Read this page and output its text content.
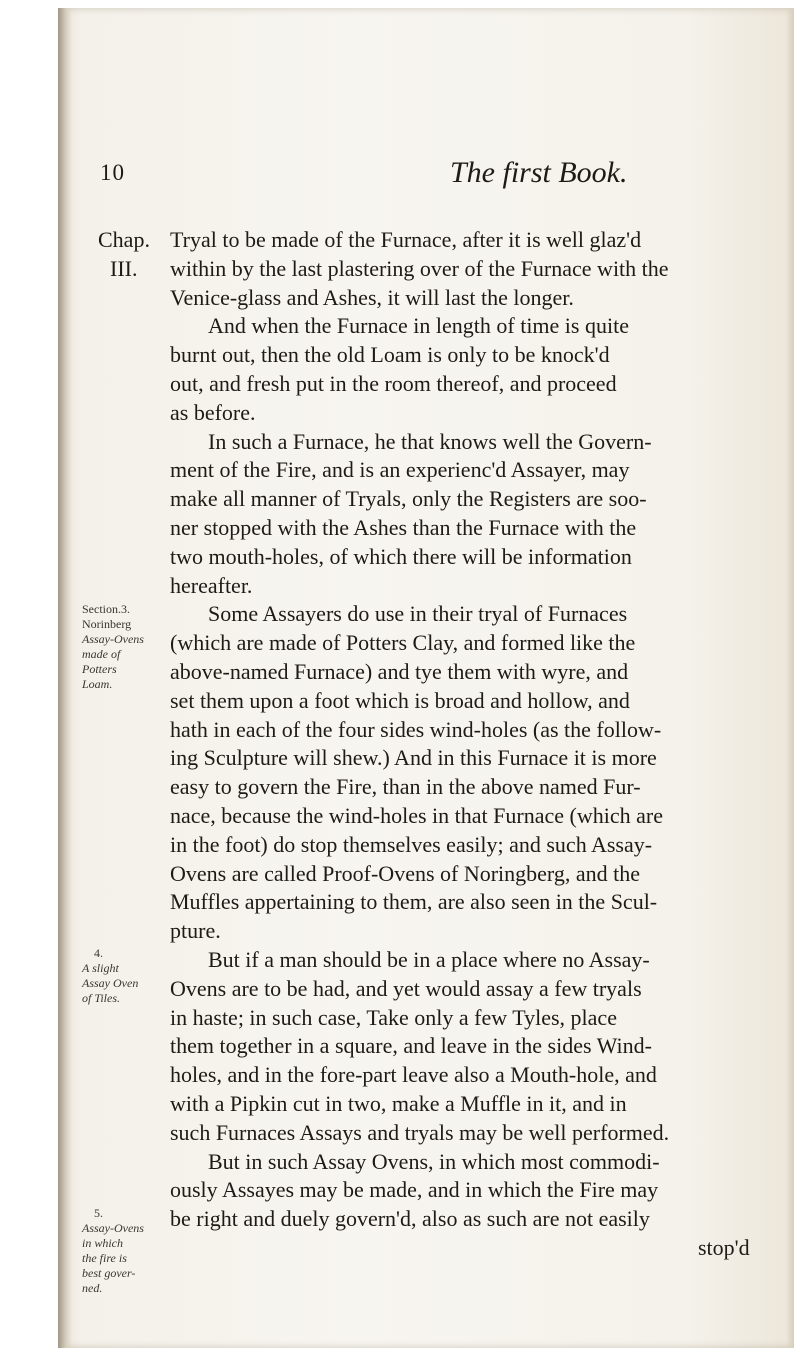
10	The first Book.
Chap.
III.
Section.3.
Norinberg
Assay-Ovens
made of
Potters
Loam.
4.
A slight
Assay Oven
of Tiles.
5.
Assay-Ovens
in which
the fire is
best gover-
ned.
Tryal to be made of the Furnace, after it is well glaz'd
within by the last plastering over of the Furnace with the
Venice-glass and Ashes, it will last the longer.
And when the Furnace in length of time is quite
burnt out, then the old Loam is only to be knock'd
out, and fresh put in the room thereof, and proceed
as before.
In such a Furnace, he that knows well the Govern-
ment of the Fire, and is an experienc'd Assayer, may
make all manner of Tryals, only the Registers are soo-
ner stopped with the Ashes than the Furnace with the
two mouth-holes, of which there will be information
hereafter.
Some Assayers do use in their tryal of Furnaces
(which are made of Potters Clay, and formed like the
above-named Furnace) and tye them with wyre, and
set them upon a foot which is broad and hollow, and
hath in each of the four sides wind-holes (as the follow-
ing Sculpture will shew.) And in this Furnace it is more
easy to govern the Fire, than in the above named Fur-
nace, because the wind-holes in that Furnace (which are
in the foot) do stop themselves easily; and such Assay-
Ovens are called Proof-Ovens of Noringberg, and the
Muffles appertaining to them, are also seen in the Scul-
pture.
But if a man should be in a place where no Assay-
Ovens are to be had, and yet would assay a few tryals
in haste; in such case, Take only a few Tyles, place
them together in a square, and leave in the sides Wind-
holes, and in the fore-part leave also a Mouth-hole, and
with a Pipkin cut in two, make a Muffle in it, and in
such Furnaces Assays and tryals may be well performed.
But in such Assay Ovens, in which most commodi-
ously Assayes may be made, and in which the Fire may
be right and duely govern'd, also as such are not easily
stop'd
